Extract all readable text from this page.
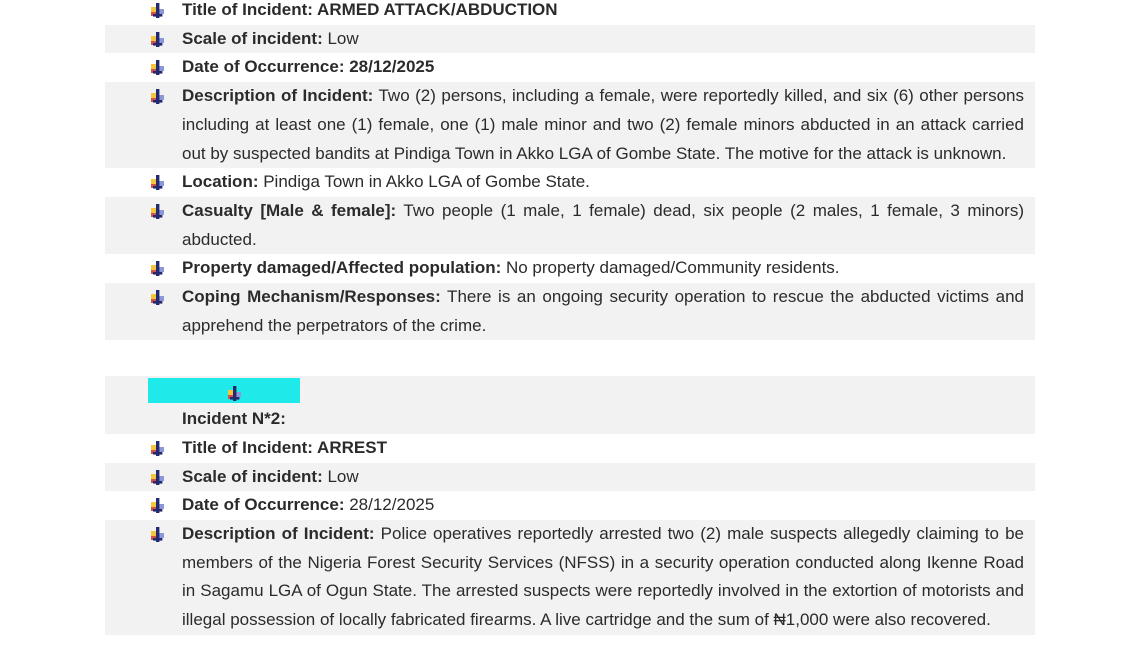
Title of Incident: ARMED ATTACK/ABDUCTION
Scale of incident: Low
Date of Occurrence: 28/12/2025
Description of Incident: Two (2) persons, including a female, were reportedly killed, and six (6) other persons including at least one (1) female, one (1) male minor and two (2) female minors abducted in an attack carried out by suspected bandits at Pindiga Town in Akko LGA of Gombe State. The motive for the attack is unknown.
Location: Pindiga Town in Akko LGA of Gombe State.
Casualty [Male & female]: Two people (1 male, 1 female) dead, six people (2 males, 1 female, 3 minors) abducted.
Property damaged/Affected population: No property damaged/Community residents.
Coping Mechanism/Responses: There is an ongoing security operation to rescue the abducted victims and apprehend the perpetrators of the crime.
Incident N*2:
Title of Incident: ARREST
Scale of incident: Low
Date of Occurrence: 28/12/2025
Description of Incident: Police operatives reportedly arrested two (2) male suspects allegedly claiming to be members of the Nigeria Forest Security Services (NFSS) in a security operation conducted along Ikenne Road in Sagamu LGA of Ogun State. The arrested suspects were reportedly involved in the extortion of motorists and illegal possession of locally fabricated firearms. A live cartridge and the sum of ₦1,000 were also recovered.
